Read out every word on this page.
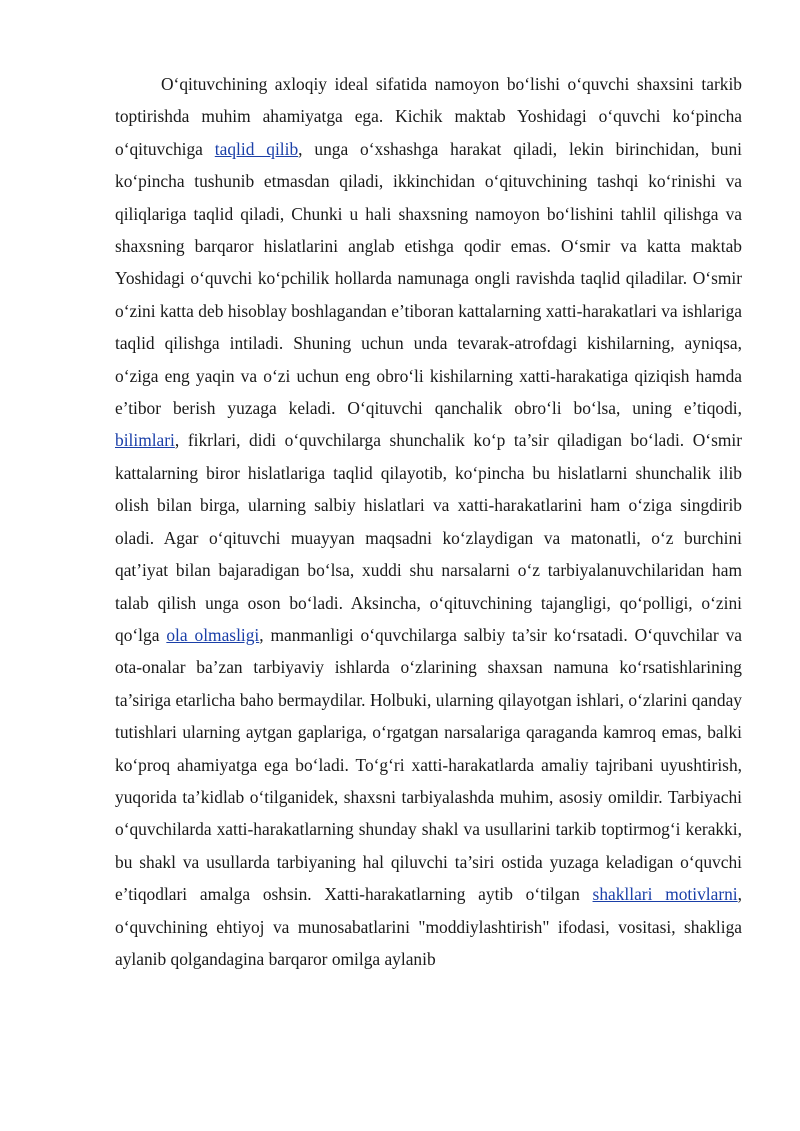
O‘qituvchining axloqiy ideal sifatida namoyon bo‘lishi o‘quvchi shaxsini tarkib toptirishda muhim ahamiyatga ega. Kichik maktab Yoshidagi o‘quvchi ko‘pincha o‘qituvchiga taqlid qilib, unga o‘xshashga harakat qiladi, lekin birinchidan, buni ko‘pincha tushunib etmasdan qiladi, ikkinchidan o‘qituvchining tashqi ko‘rinishi va qiliqlariga taqlid qiladi, Chunki u hali shaxsning namoyon bo‘lishini tahlil qilishga va shaxsning barqaror hislatlarini anglab etishga qodir emas. O‘smir va katta maktab Yoshidagi o‘quvchi ko‘pchilik hollarda namunaga ongli ravishda taqlid qiladilar. O‘smir o‘zini katta deb hisoblay boshlagandan e’tiboran kattalarning xatti-harakatlari va ishlariga taqlid qilishga intiladi. Shuning uchun unda tevarak-atrofdagi kishilarning, ayniqsa, o‘ziga eng yaqin va o‘zi uchun eng obro‘li kishilarning xatti-harakatiga qiziqish hamda e’tibor berish yuzaga keladi. O‘qituvchi qanchalik obro‘li bo‘lsa, uning e’tiqodi, bilimlari, fikrlari, didi o‘quvchilarga shunchalik ko‘p ta’sir qiladigan bo‘ladi. O‘smir kattalarning biror hislatlariga taqlid qilayotib, ko‘pincha bu hislatlarni shunchalik ilib olish bilan birga, ularning salbiy hislatlari va xatti-harakatlarini ham o‘ziga singdirib oladi. Agar o‘qituvchi muayyan maqsadni ko‘zlaydigan va matonatli, o‘z burchini qat’iyat bilan bajaradigan bo‘lsa, xuddi shu narsalarni o‘z tarbiyalanuvchilaridan ham talab qilish unga oson bo‘ladi. Aksincha, o‘qituvchining tajangligi, qo‘polligi, o‘zini qo‘lga ola olmasligi, manmanligi o‘quvchilarga salbiy ta’sir ko‘rsatadi. O‘quvchilar va ota-onalar ba’zan tarbiyaviy ishlarda o‘zlarining shaxsan namuna ko‘rsatishlarining ta’siriga etarlicha baho bermaydilar. Holbuki, ularning qilayotgan ishlari, o‘zlarini qanday tutishlari ularning aytgan gaplariga, o‘rgatgan narsalariga qaraganda kamroq emas, balki ko‘proq ahamiyatga ega bo‘ladi. To‘g‘ri xatti-harakatlarda amaliy tajribani uyushtirish, yuqorida ta’kidlab o‘tilganidek, shaxsni tarbiyalashda muhim, asosiy omildir. Tarbiyachi o‘quvchilarda xatti-harakatlarning shunday shakl va usullarini tarkib toptirmog‘i kerakki, bu shakl va usullarda tarbiyaning hal qiluvchi ta’siri ostida yuzaga keladigan o‘quvchi e’tiqodlari amalga oshsin. Xatti-harakatlarning aytib o‘tilgan shakllari motivlarni, o‘quvchining ehtiyoj va munosabatlarini "moddiylashtirish" ifodasi, vositasi, shakliga aylanib qolgandagina barqaror omilga aylanib
